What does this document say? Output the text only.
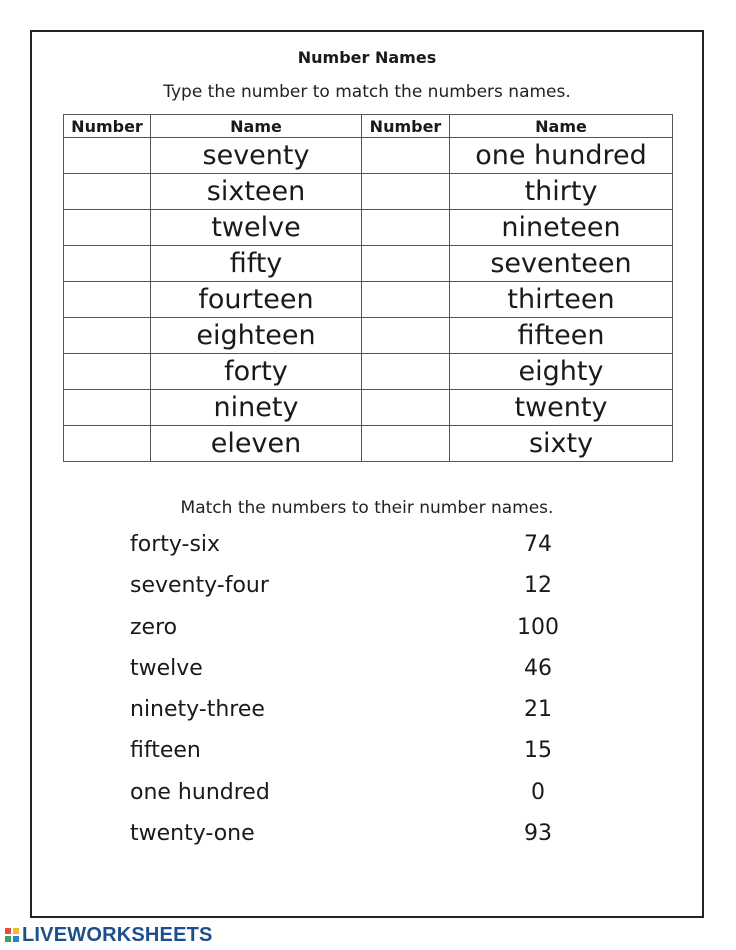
Number Names
Type the number to match the numbers names.
Number	Name	Number	Name
	seventy		one hundred
	sixteen		thirty
	twelve		nineteen
	fifty		seventeen
	fourteen		thirteen
	eighteen		fifteen
	forty		eighty
	ninety		twenty
	eleven		sixty
Match the numbers to their number names.
forty-six	74
seventy-four	12
zero	100
twelve	46
ninety-three	21
fifteen	15
one hundred	0
twenty-one	93
LIVEWORKSHEETS
